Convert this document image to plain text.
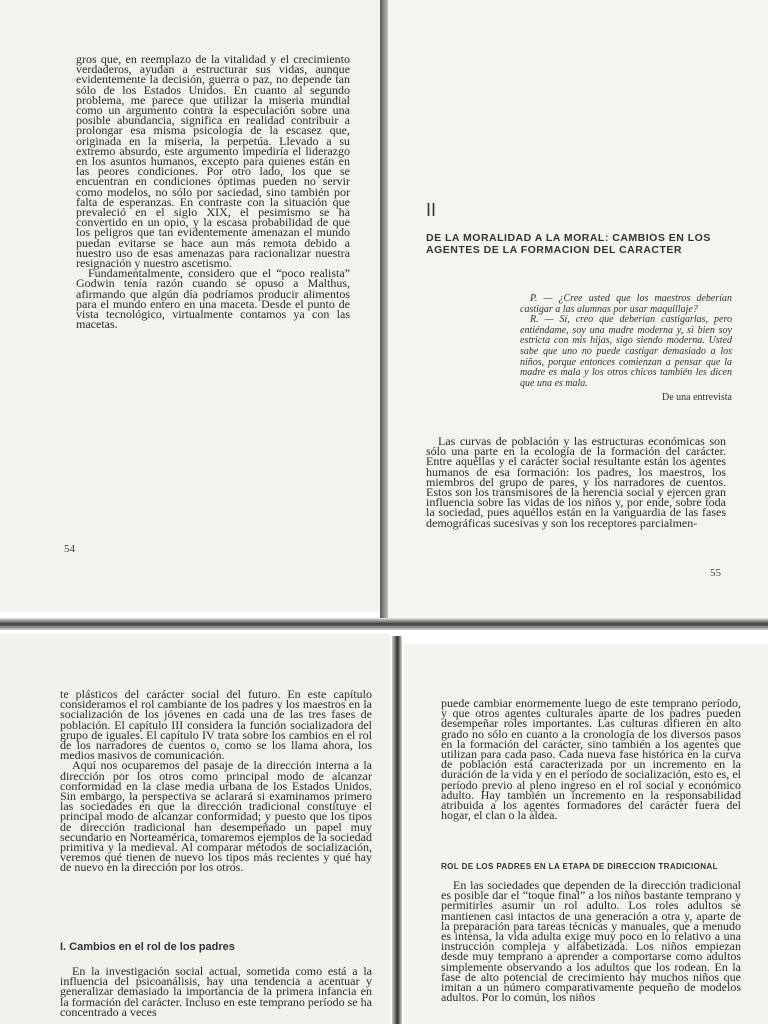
gros que, en reemplazo de la vitalidad y el crecimiento verdaderos, ayudan a estructurar sus vidas, aunque evidentemente la decisión, guerra o paz, no depende tan sólo de los Estados Unidos. En cuanto al segundo problema, me parece que utilizar la miseria mundial como un argumento contra la especulación sobre una posible abundancia, significa en realidad contribuir a prolongar esa misma psicología de la escasez que, originada en la miseria, la perpetúa. Llevado a su extremo absurdo, este argumento impediría el liderazgo en los asuntos humanos, excepto para quienes están en las peores condiciones. Por otro lado, los que se encuentran en condiciones óptimas pueden no servir como modelos, no sólo por saciedad, sino también por falta de esperanzas. En contraste con la situación que prevaleció en el siglo XIX, el pesimismo se ha convertido en un opio, y la escasa probabilidad de que los peligros que tan evidentemente amenazan el mundo puedan evitarse se hace aun más remota debido a nuestro uso de esas amenazas para racionalizar nuestra resignación y nuestro ascetismo.

Fundamentalmente, considero que el “poco realista” Godwin tenía razón cuando se opuso a Malthus, afirmando que algún día podríamos producir alimentos para el mundo entero en una maceta. Desde el punto de vista tecnológico, virtualmente contamos ya con las macetas.

54
II
DE LA MORALIDAD A LA MORAL: CAMBIOS EN LOS AGENTES DE LA FORMACION DEL CARACTER

P. — ¿Cree usted que los maestros deberían castigar a las alumnas por usar maquillaje?

R. — Sí, creo que deberían castigarlas, pero entiéndame, soy una madre moderna y, si bien soy estricta con mis hijas, sigo siendo moderna. Usted sabe que uno no puede castigar demasiado a los niños, porque entonces comienzan a pensar que la madre es mala y los otros chicos también les dicen que una es mala.

De una entrevista

Las curvas de población y las estructuras económicas son sólo una parte en la ecología de la formación del carácter. Entre aquéllas y el carácter social resultante están los agentes humanos de esa formación: los padres, los maestros, los miembros del grupo de pares, y los narradores de cuentos. Estos son los transmisores de la herencia social y ejercen gran influencia sobre las vidas de los niños y, por ende, sobre toda la sociedad, pues aquéllos están en la vanguardia de las fases demográficas sucesivas y son los receptores parcialmen-

55

te plásticos del carácter social del futuro. En este capítulo consideramos el rol cambiante de los padres y los maestros en la socialización de los jóvenes en cada una de las tres fases de población. El capítulo III considera la función socializadora del grupo de iguales. El capítulo IV trata sobre los cambios en el rol de los narradores de cuentos o, como se los llama ahora, los medios masivos de comunicación.

Aquí nos ocuparemos del pasaje de la dirección interna a la dirección por los otros como principal modo de alcanzar conformidad en la clase media urbana de los Estados Unidos. Sin embargo, la perspectiva se aclarará si examinamos primero las sociedades en que la dirección tradicional constituye el principal modo de alcanzar conformidad; y puesto que los tipos de dirección tradicional han desempeñado un papel muy secundario en Norteamérica, tomaremos ejemplos de la sociedad primitiva y la medieval. Al comparar métodos de socialización, veremos qué tienen de nuevo los tipos más recientes y qué hay de nuevo en la dirección por los otros.

I. Cambios en el rol de los padres

En la investigación social actual, sometida como está a la influencia del psicoanálisis, hay una tendencia a acentuar y generalizar demasiado la importancia de la primera infancia en la formación del carácter. Incluso en este temprano período se ha concentrado a veces

puede cambiar enormemente luego de este temprano período, y que otros agentes culturales aparte de los padres pueden desempeñar roles importantes. Las culturas difieren en alto grado no sólo en cuanto a la cronología de los diversos pasos en la formación del carácter, sino también a los agentes que utilizan para cada paso. Cada nueva fase histórica en la curva de población está caracterizada por un incremento en la duración de la vida y en el período de socialización, esto es, el período previo al pleno ingreso en el rol social y económico adulto. Hay también un incremento en la responsabilidad atribuida a los agentes formadores del carácter fuera del hogar, el clan o la aldea.

ROL DE LOS PADRES EN LA ETAPA DE DIRECCION TRADICIONAL

En las sociedades que dependen de la dirección tradicional es posible dar el “toque final” a los niños bastante temprano y permitirles asumir un rol adulto. Los roles adultos se mantienen casi intactos de una generación a otra y, aparte de la preparación para tareas técnicas y manuales, que a menudo es intensa, la vida adulta exige muy poco en lo relativo a una instrucción compleja y alfabetizada. Los niños empiezan desde muy temprano a aprender a comportarse como adultos simplemente observando a los adultos que los rodean. En la fase de alto potencial de crecimiento hay muchos niños que imitan a un número comparativamente pequeño de modelos adultos. Por lo común, los niños
